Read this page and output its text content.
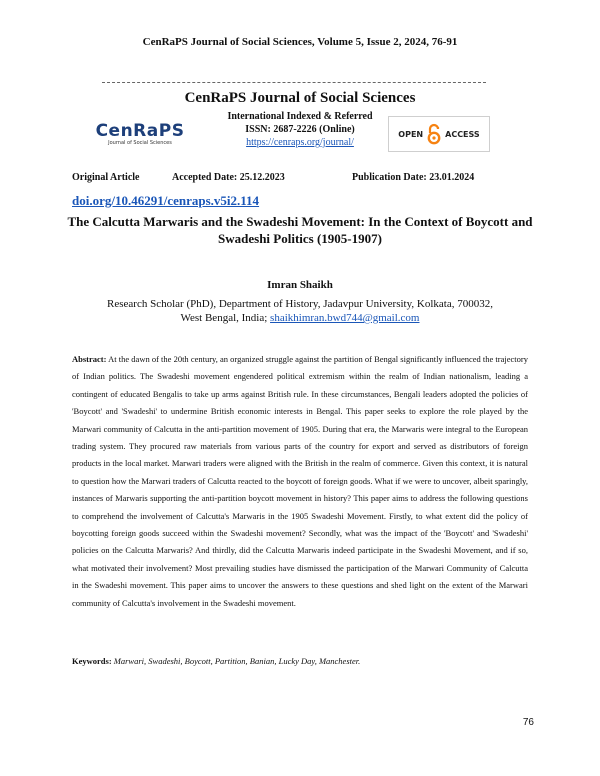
CenRaPS Journal of Social Sciences, Volume 5, Issue 2, 2024, 76-91
CenRaPS Journal of Social Sciences
International Indexed & Referred
ISSN: 2687-2226 (Online)
https://cenraps.org/journal/
CenRaPS
Journal of Social Sciences
OPEN	ACCESS
Original Article	Accepted Date: 25.12.2023	Publication Date: 23.01.2024
doi.org/10.46291/cenraps.v5i2.114
The Calcutta Marwaris and the Swadeshi Movement: In the Context of Boycott and Swadeshi Politics (1905-1907)
Imran Shaikh
Research Scholar (PhD), Department of History, Jadavpur University, Kolkata, 700032, West Bengal, India; shaikhimran.bwd744@gmail.com
Abstract: At the dawn of the 20th century, an organized struggle against the partition of Bengal significantly influenced the trajectory of Indian politics. The Swadeshi movement engendered political extremism within the realm of Indian nationalism, leading a contingent of educated Bengalis to take up arms against British rule. In these circumstances, Bengali leaders adopted the policies of 'Boycott' and 'Swadeshi' to undermine British economic interests in Bengal. This paper seeks to explore the role played by the Marwari community of Calcutta in the anti-partition movement of 1905. During that era, the Marwaris were integral to the European trading system. They procured raw materials from various parts of the country for export and served as distributors of foreign products in the local market. Marwari traders were aligned with the British in the realm of commerce. Given this context, it is natural to question how the Marwari traders of Calcutta reacted to the boycott of foreign goods. What if we were to uncover, albeit sparingly, instances of Marwaris supporting the anti-partition boycott movement in history? This paper aims to address the following questions to comprehend the involvement of Calcutta's Marwaris in the 1905 Swadeshi Movement. Firstly, to what extent did the policy of boycotting foreign goods succeed within the Swadeshi movement? Secondly, what was the impact of the 'Boycott' and 'Swadeshi' policies on the Calcutta Marwaris? And thirdly, did the Calcutta Marwaris indeed participate in the Swadeshi Movement, and if so, what motivated their involvement? Most prevailing studies have dismissed the participation of the Marwari Community of Calcutta in the Swadeshi movement. This paper aims to uncover the answers to these questions and shed light on the extent of the Marwari community of Calcutta's involvement in the Swadeshi movement.
Keywords: Marwari, Swadeshi, Boycott, Partition, Banian, Lucky Day, Manchester.
76
